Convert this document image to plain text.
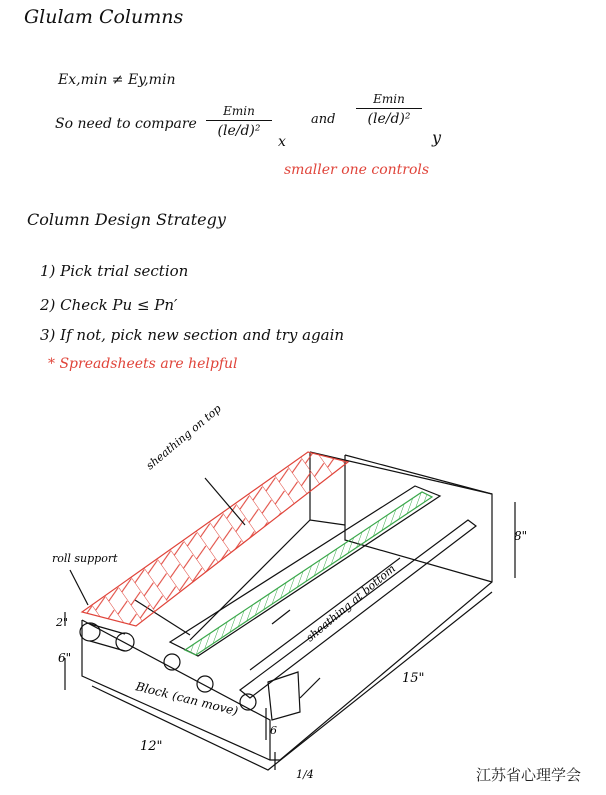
Glulam Columns
Ex,min ≠ Ey,min
So need to compare
Emin
(le/d)²
x
and
Emin
(le/d)²
y
smaller one controls
Column Design Strategy
1) Pick trial section
2) Check Pu ≤ Pn′
3) If not, pick new section and try again
* Spreadsheets are helpful
sheathing on top
roll support
sheathing at bottom
Block (can move)
8"
2"
6"
15"
12"
6
1/4	江苏省心理学会
